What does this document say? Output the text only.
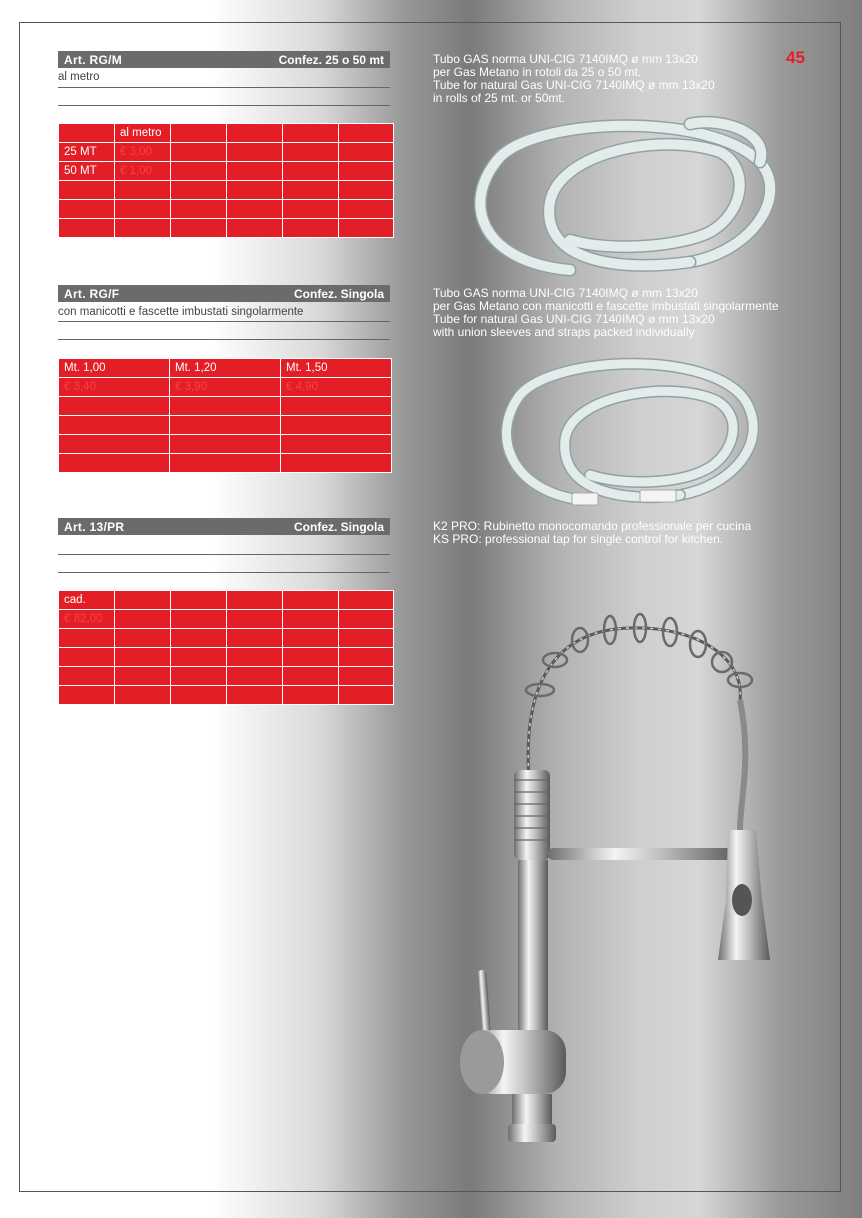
45
Art. RG/M	Confez. 25 o 50 mt
al metro
	al metro				
25 MT	€ 3,00				
50 MT	€ 1,00				

Tubo GAS norma UNI-CIG 7140IMQ ø mm 13x20
per Gas Metano in rotoli da 25 o 50 mt.
Tube for natural Gas UNI-CIG 7140IMQ ø mm 13x20
in rolls of 25 mt. or 50mt.
Art. RG/F	Confez. Singola
con manicotti e fascette imbustati singolarmente
Mt. 1,00	Mt. 1,20	Mt. 1,50
€ 3,40	€ 3,90	€ 4,90

Tubo GAS norma UNI-CIG 7140IMQ ø mm 13x20
per Gas Metano con manicotti e fascette imbustati singolarmente
Tube for natural Gas UNI-CIG 7140IMQ ø mm 13x20
with union sleeves and straps packed individually
Art. 13/PR	Confez. Singola
cad.					
€ 82,00					

K2 PRO: Rubinetto monocomando professionale per cucina
KS PRO: professional tap for single control for kitchen.
